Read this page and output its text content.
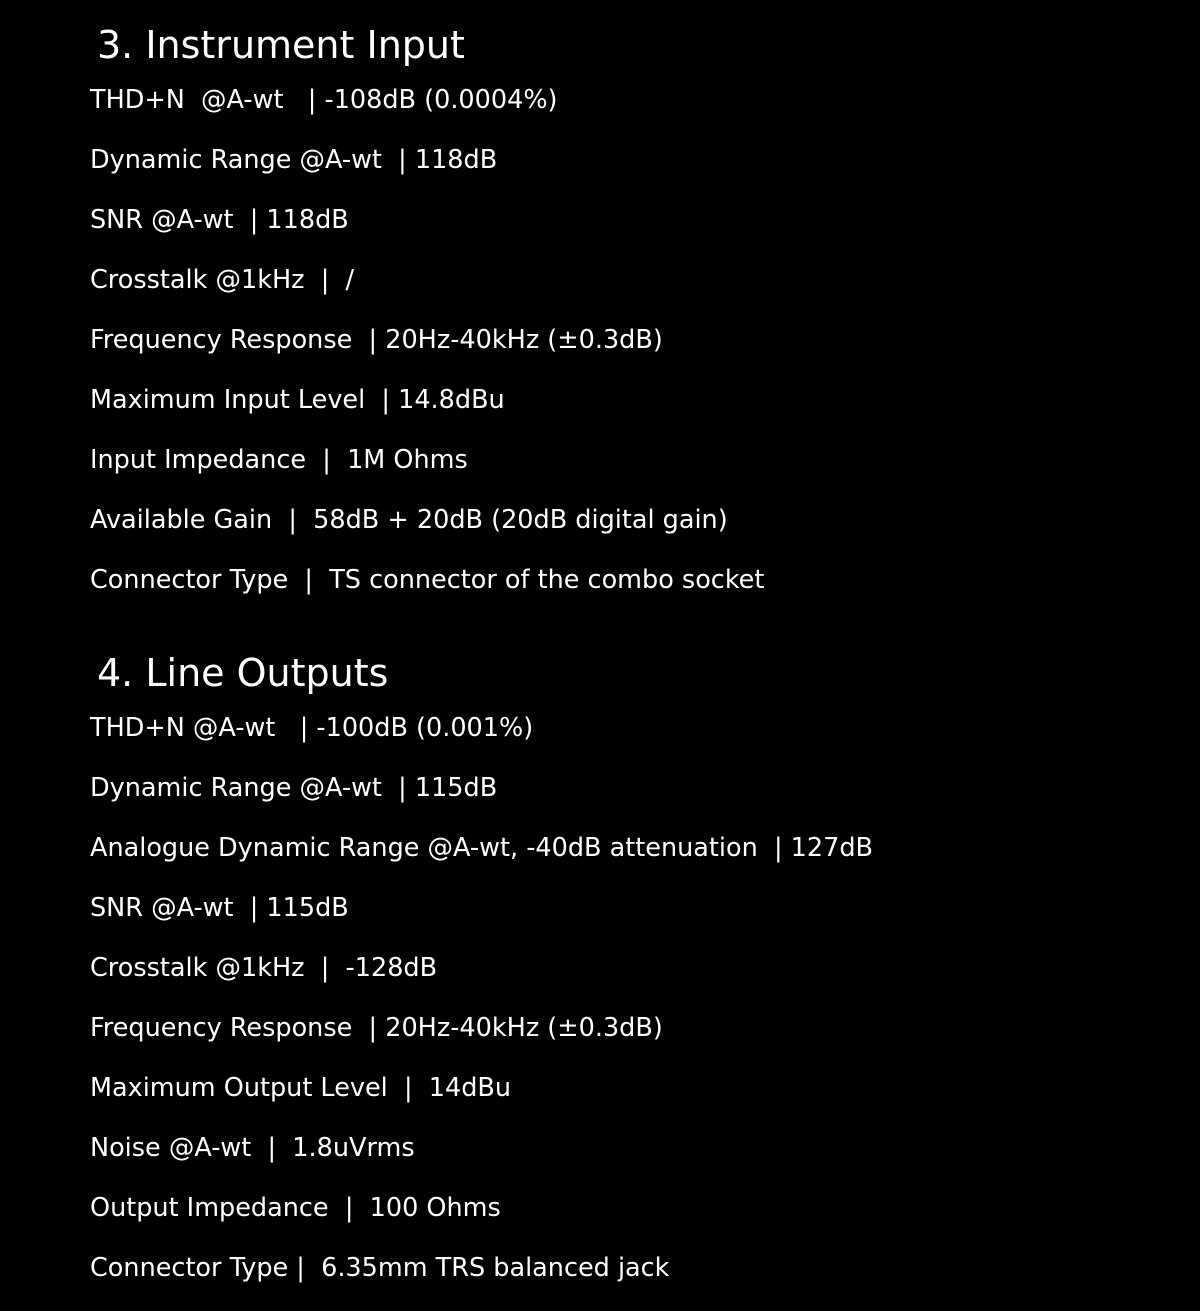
3. Instrument Input
THD+N  @A-wt   | -108dB (0.0004%)
Dynamic Range @A-wt  | 118dB
SNR @A-wt  | 118dB
Crosstalk @1kHz  |  /
Frequency Response  | 20Hz-40kHz (±0.3dB)
Maximum Input Level  | 14.8dBu
Input Impedance  |  1M Ohms
Available Gain  |  58dB + 20dB (20dB digital gain)
Connector Type  |  TS connector of the combo socket
4. Line Outputs
THD+N @A-wt   | -100dB (0.001%)
Dynamic Range @A-wt  | 115dB
Analogue Dynamic Range @A-wt, -40dB attenuation  | 127dB
SNR @A-wt  | 115dB
Crosstalk @1kHz  |  -128dB
Frequency Response  | 20Hz-40kHz (±0.3dB)
Maximum Output Level  |  14dBu
Noise @A-wt  |  1.8uVrms
Output Impedance  |  100 Ohms
Connector Type |  6.35mm TRS balanced jack
